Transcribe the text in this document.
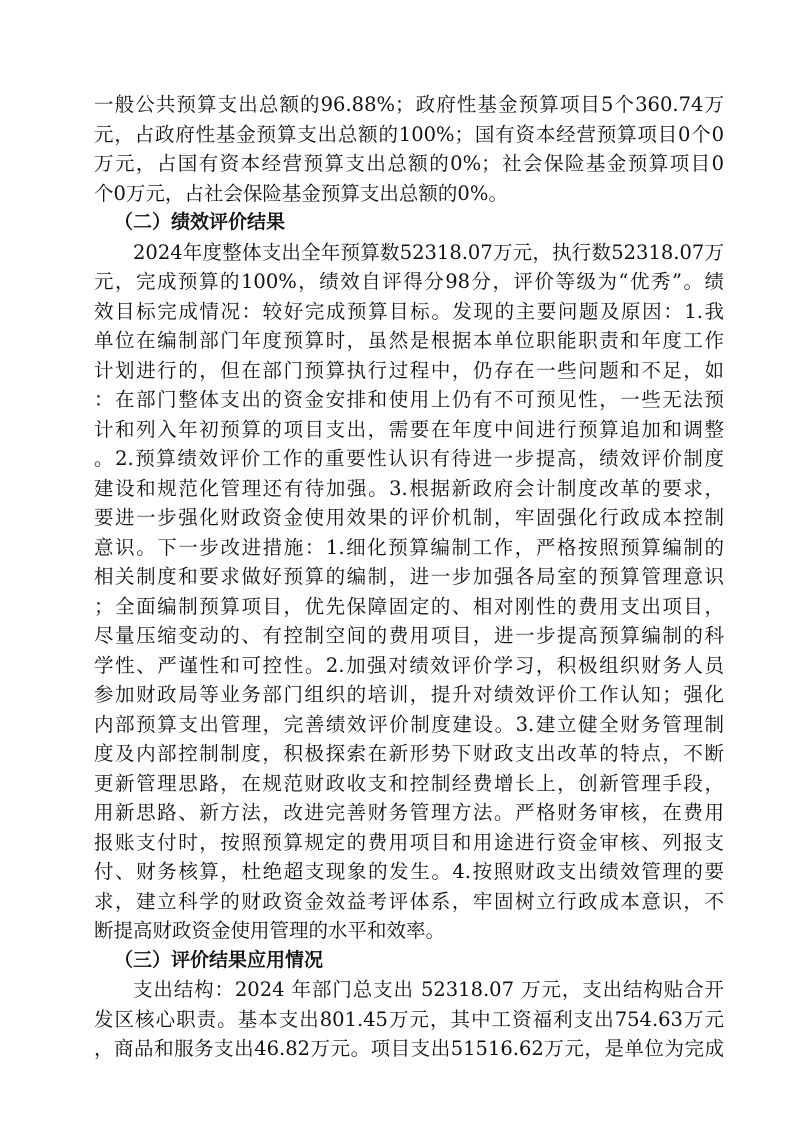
一般公共预算支出总额的96.88%；政府性基金预算项目5个360.74万
元，占政府性基金预算支出总额的100%；国有资本经营预算项目0个0
万元，占国有资本经营预算支出总额的0%；社会保险基金预算项目0
个0万元，占社会保险基金预算支出总额的0%。
（二）绩效评价结果
2024年度整体支出全年预算数52318.07万元，执行数52318.07万
元，完成预算的100%，绩效自评得分98分，评价等级为“优秀”。绩
效目标完成情况：较好完成预算目标。发现的主要问题及原因：1.我
单位在编制部门年度预算时，虽然是根据本单位职能职责和年度工作
计划进行的，但在部门预算执行过程中，仍存在一些问题和不足，如
：在部门整体支出的资金安排和使用上仍有不可预见性，一些无法预
计和列入年初预算的项目支出，需要在年度中间进行预算追加和调整
。2.预算绩效评价工作的重要性认识有待进一步提高，绩效评价制度
建设和规范化管理还有待加强。3.根据新政府会计制度改革的要求，
要进一步强化财政资金使用效果的评价机制，牢固强化行政成本控制
意识。下一步改进措施：1.细化预算编制工作，严格按照预算编制的
相关制度和要求做好预算的编制，进一步加强各局室的预算管理意识
；全面编制预算项目，优先保障固定的、相对刚性的费用支出项目，
尽量压缩变动的、有控制空间的费用项目，进一步提高预算编制的科
学性、严谨性和可控性。2.加强对绩效评价学习，积极组织财务人员
参加财政局等业务部门组织的培训，提升对绩效评价工作认知；强化
内部预算支出管理，完善绩效评价制度建设。3.建立健全财务管理制
度及内部控制制度，积极探索在新形势下财政支出改革的特点，不断
更新管理思路，在规范财政收支和控制经费增长上，创新管理手段，
用新思路、新方法，改进完善财务管理方法。严格财务审核，在费用
报账支付时，按照预算规定的费用项目和用途进行资金审核、列报支
付、财务核算，杜绝超支现象的发生。4.按照财政支出绩效管理的要
求，建立科学的财政资金效益考评体系，牢固树立行政成本意识，不
断提高财政资金使用管理的水平和效率。
（三）评价结果应用情况
支出结构：2024 年部门总支出 52318.07 万元，支出结构贴合开
发区核心职责。基本支出801.45万元，其中工资福利支出754.63万元
，商品和服务支出46.82万元。项目支出51516.62万元，是单位为完成
